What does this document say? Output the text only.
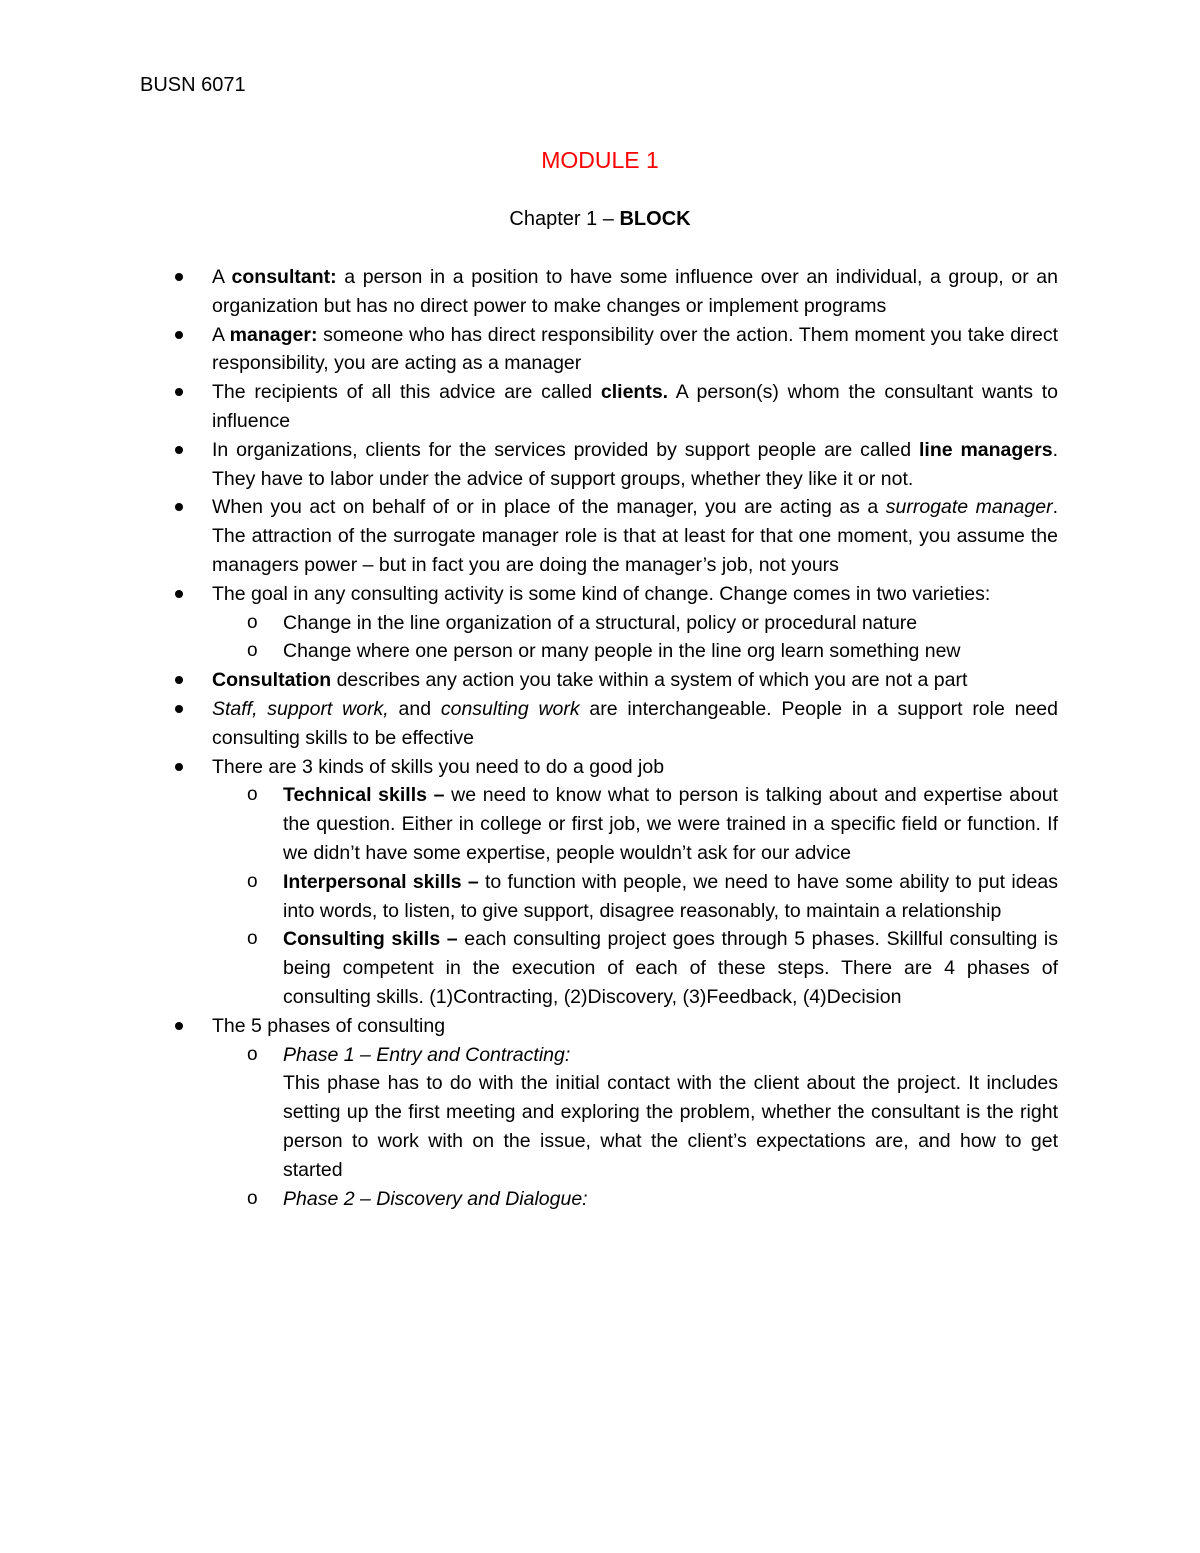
BUSN 6071
MODULE 1
Chapter 1 – BLOCK
A consultant: a person in a position to have some influence over an individual, a group, or an organization but has no direct power to make changes or implement programs
A manager: someone who has direct responsibility over the action. Them moment you take direct responsibility, you are acting as a manager
The recipients of all this advice are called clients. A person(s) whom the consultant wants to influence
In organizations, clients for the services provided by support people are called line managers. They have to labor under the advice of support groups, whether they like it or not.
When you act on behalf of or in place of the manager, you are acting as a surrogate manager. The attraction of the surrogate manager role is that at least for that one moment, you assume the managers power – but in fact you are doing the manager’s job, not yours
The goal in any consulting activity is some kind of change. Change comes in two varieties:
o Change in the line organization of a structural, policy or procedural nature
o Change where one person or many people in the line org learn something new
Consultation describes any action you take within a system of which you are not a part
Staff, support work, and consulting work are interchangeable. People in a support role need consulting skills to be effective
There are 3 kinds of skills you need to do a good job
o Technical skills – we need to know what to person is talking about and expertise about the question. Either in college or first job, we were trained in a specific field or function. If we didn’t have some expertise, people wouldn’t ask for our advice
o Interpersonal skills – to function with people, we need to have some ability to put ideas into words, to listen, to give support, disagree reasonably, to maintain a relationship
o Consulting skills – each consulting project goes through 5 phases. Skillful consulting is being competent in the execution of each of these steps. There are 4 phases of consulting skills. (1)Contracting, (2)Discovery, (3)Feedback, (4)Decision
The 5 phases of consulting
o Phase 1 – Entry and Contracting:
This phase has to do with the initial contact with the client about the project. It includes setting up the first meeting and exploring the problem, whether the consultant is the right person to work with on the issue, what the client’s expectations are, and how to get started
o Phase 2 – Discovery and Dialogue:
